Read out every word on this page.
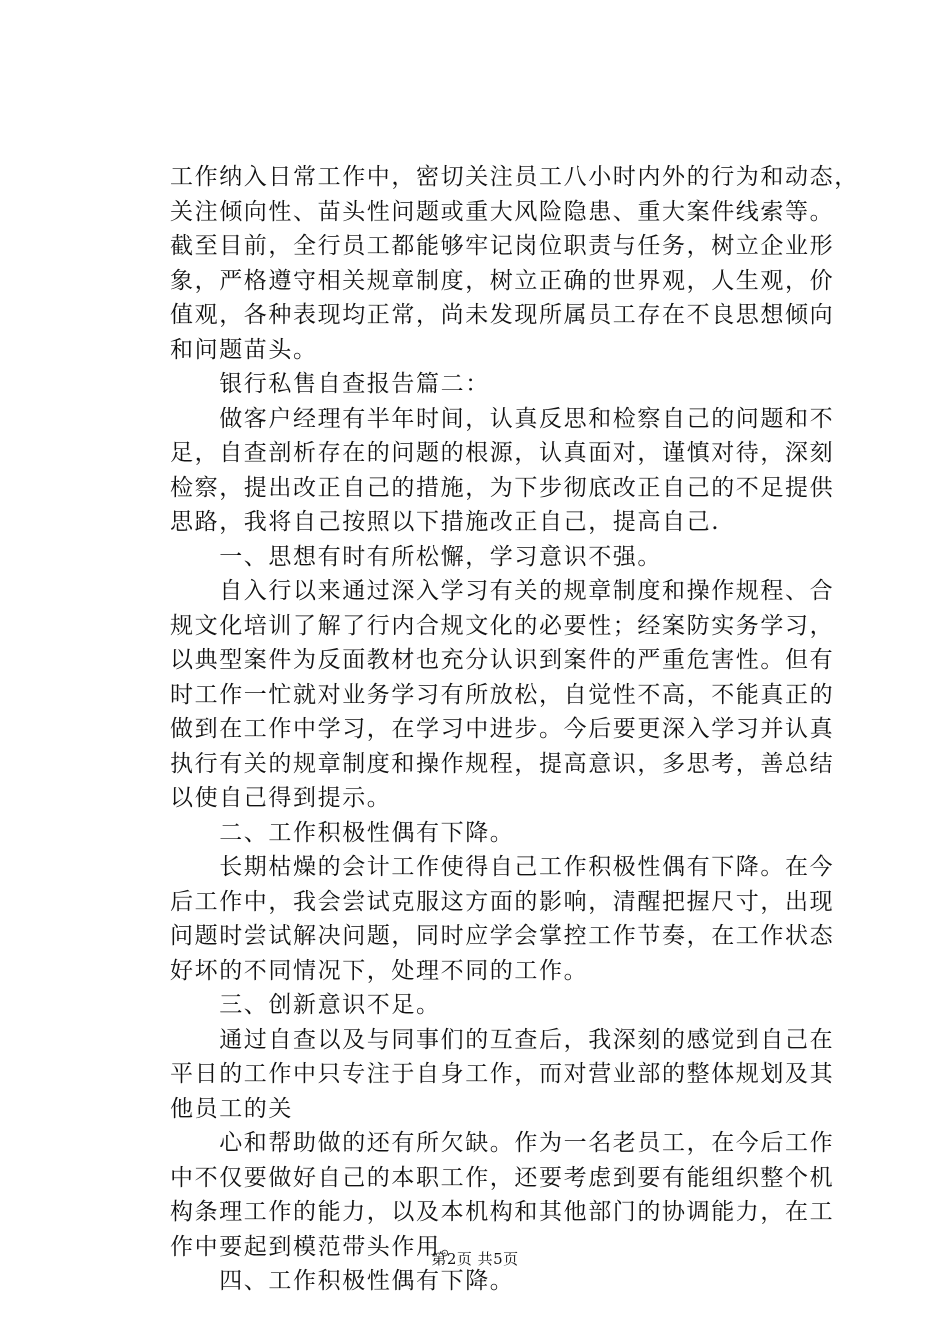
工作纳入日常工作中，密切关注员工八小时内外的行为和动态，
关注倾向性、苗头性问题或重大风险隐患、重大案件线索等。
截至目前，全行员工都能够牢记岗位职责与任务，树立企业形
象，严格遵守相关规章制度，树立正确的世界观，人生观，价
值观，各种表现均正常，尚未发现所属员工存在不良思想倾向
和问题苗头。
　　银行私售自查报告篇二：
　　做客户经理有半年时间，认真反思和检察自己的问题和不
足，自查剖析存在的问题的根源，认真面对，谨慎对待，深刻
检察，提出改正自己的措施，为下步彻底改正自己的不足提供
思路，我将自己按照以下措施改正自己，提高自己.
　　一、思想有时有所松懈，学习意识不强。
　　自入行以来通过深入学习有关的规章制度和操作规程、合
规文化培训了解了行内合规文化的必要性；经案防实务学习，
以典型案件为反面教材也充分认识到案件的严重危害性。但有
时工作一忙就对业务学习有所放松，自觉性不高，不能真正的
做到在工作中学习，在学习中进步。今后要更深入学习并认真
执行有关的规章制度和操作规程，提高意识，多思考，善总结
以使自己得到提示。
　　二、工作积极性偶有下降。
　　长期枯燥的会计工作使得自己工作积极性偶有下降。在今
后工作中，我会尝试克服这方面的影响，清醒把握尺寸，出现
问题时尝试解决问题，同时应学会掌控工作节奏，在工作状态
好坏的不同情况下，处理不同的工作。
　　三、创新意识不足。
　　通过自查以及与同事们的互查后，我深刻的感觉到自己在
平日的工作中只专注于自身工作，而对营业部的整体规划及其
他员工的关
　　心和帮助做的还有所欠缺。作为一名老员工，在今后工作
中不仅要做好自己的本职工作，还要考虑到要有能组织整个机
构条理工作的能力，以及本机构和其他部门的协调能力，在工
作中要起到模范带头作用。
　　四、工作积极性偶有下降。
第2页 共5页
